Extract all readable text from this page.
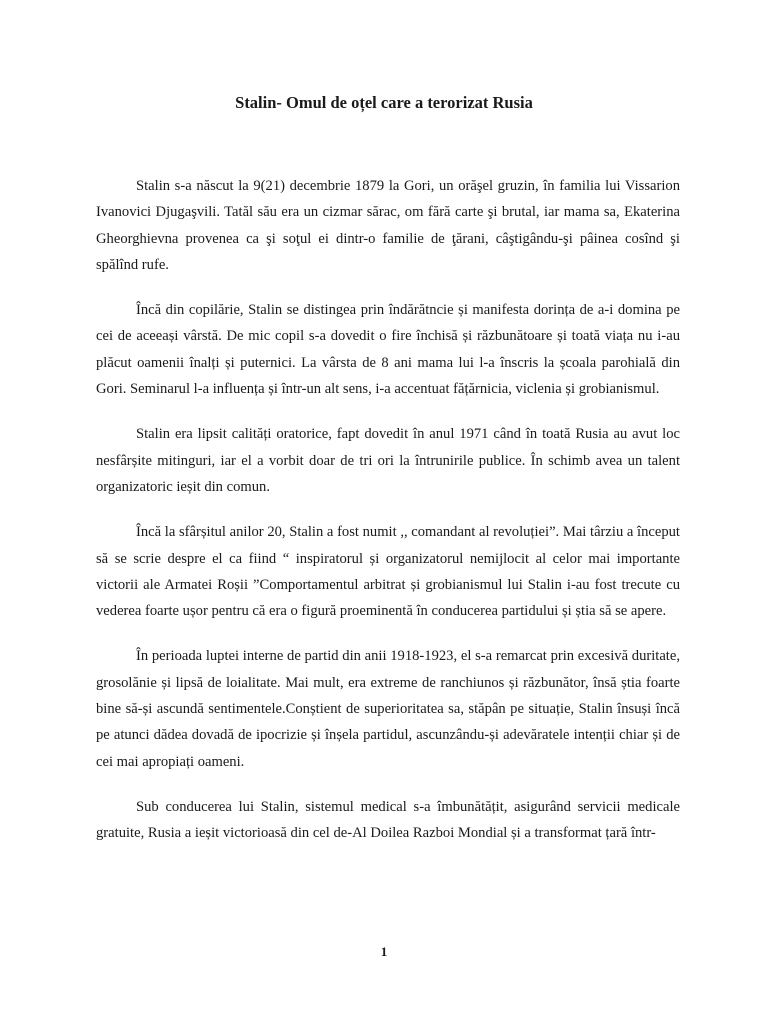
Stalin- Omul de oțel care a terorizat Rusia

Stalin s-a născut la 9(21) decembrie 1879 la Gori, un orăşel gruzin, în familia lui Vissarion Ivanovici Djugaşvili. Tatăl său era un cizmar sărac, om fără carte şi brutal, iar mama sa, Ekaterina Gheorghievna provenea ca şi soţul ei dintr-o familie de ţărani, câştigându-şi pâinea cosînd şi spălînd rufe.

Încă din copilărie, Stalin se distingea prin îndărătncie și manifesta dorința de a-i domina pe cei de aceeași vârstă. De mic copil s-a dovedit o fire închisă și răzbunătoare și toată viața nu i-au plăcut oamenii înalți și puternici. La vârsta de 8 ani mama lui l-a înscris la școala parohială din Gori. Seminarul l-a influența și într-un alt sens, i-a accentuat fățărnicia, viclenia și grobianismul.

Stalin era lipsit calități oratorice, fapt dovedit în anul 1971 când în toată Rusia au avut loc nesfârșite mitinguri, iar el a vorbit doar de tri ori la întrunirile publice. În schimb avea un talent organizatoric ieșit din comun.

Încă la sfârșitul anilor 20, Stalin a fost numit ,, comandant al revoluției”. Mai târziu a început să se scrie despre el ca fiind “ inspiratorul și organizatorul nemijlocit al celor mai importante victorii ale Armatei Roșii ”Comportamentul arbitrat și grobianismul lui Stalin i-au fost trecute cu vederea foarte ușor pentru că era o figură proeminentă în conducerea partidului și știa să se apere.

În perioada luptei interne de partid din anii 1918-1923, el s-a remarcat prin excesivă duritate, grosolănie și lipsă de loialitate. Mai mult, era extreme de ranchiunos și răzbunător, însă știa foarte bine să-și ascundă sentimentele.Conștient de superioritatea sa, stăpân pe situație, Stalin însuși încă pe atunci dădea dovadă de ipocrizie și înșela partidul, ascunzându-și adevăratele intenții chiar și de cei mai apropiați oameni.

Sub conducerea lui Stalin, sistemul medical s-a îmbunătățit, asigurând servicii medicale gratuite, Rusia a ieșit victorioasă din cel de-Al Doilea Razboi Mondial și a transformat țară într-

1
